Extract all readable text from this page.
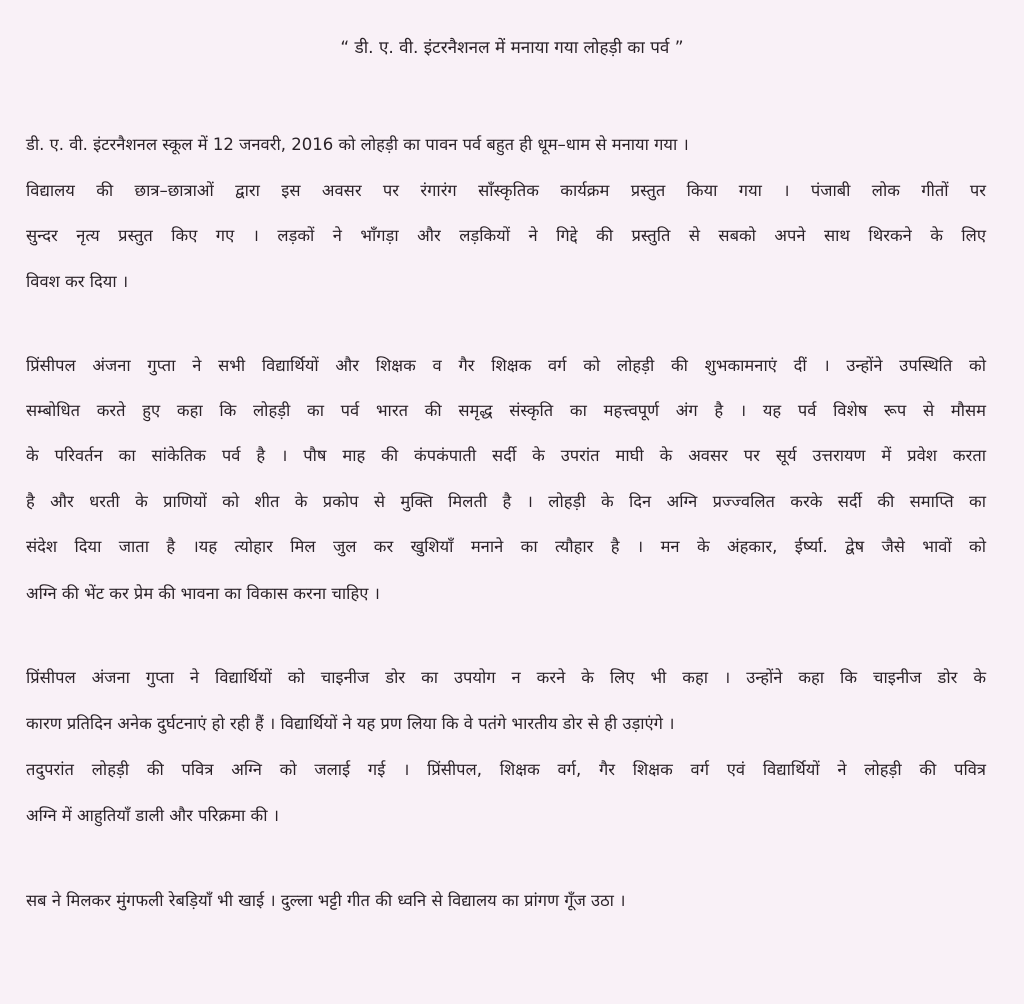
“ डी. ए. वी. इंटरनैशनल में मनाया गया लोहड़ी का पर्व ”
डी. ए. वी. इंटरनैशनल स्कूल में 12 जनवरी, 2016 को लोहड़ी का पावन पर्व बहुत ही धूम–धाम से मनाया गया ।
विद्यालय की छात्र–छात्राओं द्वारा इस अवसर पर रंगारंग साँस्कृतिक कार्यक्रम प्रस्तुत किया गया । पंजाबी लोक गीतों पर
सुन्दर नृत्य प्रस्तुत किए गए । लड़कों ने भाँगड़ा और लड़कियों ने गिद्दे की प्रस्तुति से सबको अपने साथ थिरकने के लिए
विवश कर दिया ।
प्रिंसीपल अंजना गुप्ता ने सभी विद्यार्थियों और शिक्षक व गैर शिक्षक वर्ग को लोहड़ी की शुभकामनाएं दीं । उन्होंने उपस्थिति को
सम्बोधित करते हुए कहा कि लोहड़ी का पर्व भारत की समृद्ध संस्कृति का महत्त्वपूर्ण अंग है । यह पर्व विशेष रूप से मौसम
के परिवर्तन का सांकेतिक पर्व है । पौष माह की कंपकंपाती सर्दी के उपरांत माघी के अवसर पर सूर्य उत्तरायण में प्रवेश करता
है और धरती के प्राणियों को शीत के प्रकोप से मुक्ति मिलती है । लोहड़ी के दिन अग्नि प्रज्ज्वलित करके सर्दी की समाप्ति का
संदेश दिया जाता है ।यह त्योहार मिल जुल कर खुशियाँ मनाने का त्यौहार है । मन के अंहकार, ईर्ष्या. द्वेष जैसे भावों को
अग्नि की भेंट कर प्रेम की भावना का विकास करना चाहिए ।
प्रिंसीपल अंजना गुप्ता ने विद्यार्थियों को चाइनीज डोर का उपयोग न करने के लिए भी कहा । उन्होंने कहा कि चाइनीज डोर के
कारण प्रतिदिन अनेक दुर्घटनाएं हो रही हैं । विद्यार्थियों ने यह प्रण लिया कि वे पतंगे भारतीय डोर से ही उड़ाएंगे ।
तदुपरांत लोहड़ी की पवित्र अग्नि को जलाई गई । प्रिंसीपल, शिक्षक वर्ग, गैर शिक्षक वर्ग एवं विद्यार्थियों ने लोहड़ी की पवित्र
अग्नि में आहुतियाँ डाली और परिक्रमा की ।
सब ने मिलकर मुंगफली रेबड़ियाँ भी खाई । दुल्ला भट्टी गीत की ध्वनि से विद्यालय का प्रांगण गूँज उठा ।
